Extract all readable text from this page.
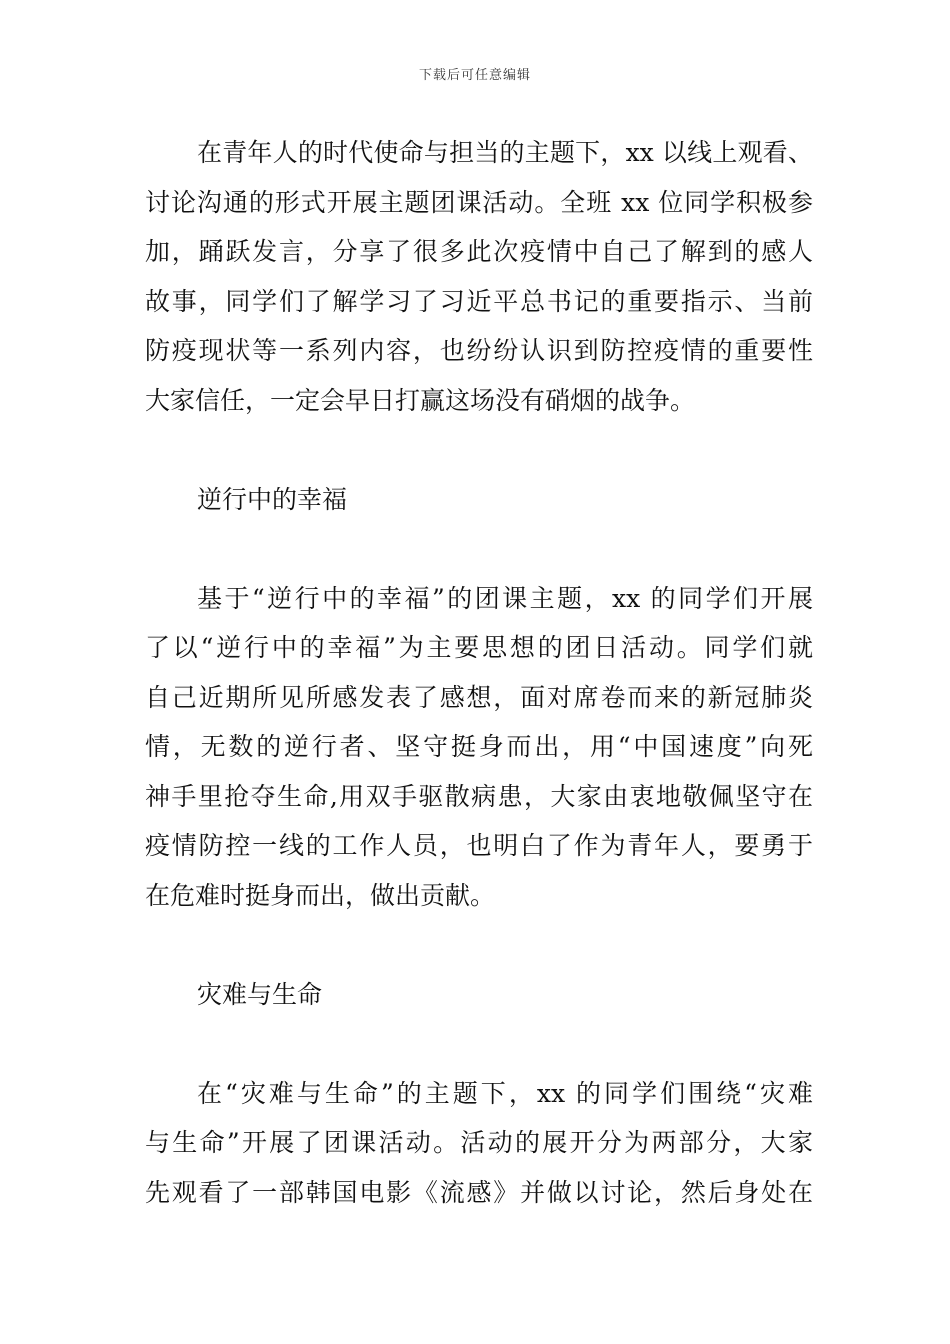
下载后可任意编辑
在青年人的时代使命与担当的主题下，xx 以线上观看、
讨论沟通的形式开展主题团课活动。全班 xx 位同学积极参
加，踊跃发言，分享了很多此次疫情中自己了解到的感人
故事，同学们了解学习了习近平总书记的重要指示、当前
防疫现状等一系列内容，也纷纷认识到防控疫情的重要性
大家信任，一定会早日打赢这场没有硝烟的战争。
逆行中的幸福
基于“逆行中的幸福”的团课主题，xx 的同学们开展
了以“逆行中的幸福”为主要思想的团日活动。同学们就
自己近期所见所感发表了感想，面对席卷而来的新冠肺炎
情，无数的逆行者、坚守挺身而出，用“中国速度”向死
神手里抢夺生命,用双手驱散病患，大家由衷地敬佩坚守在
疫情防控一线的工作人员，也明白了作为青年人，要勇于
在危难时挺身而出，做出贡献。
灾难与生命
在“灾难与生命”的主题下，xx 的同学们围绕“灾难
与生命”开展了团课活动。活动的展开分为两部分，大家
先观看了一部韩国电影《流感》并做以讨论，然后身处在
